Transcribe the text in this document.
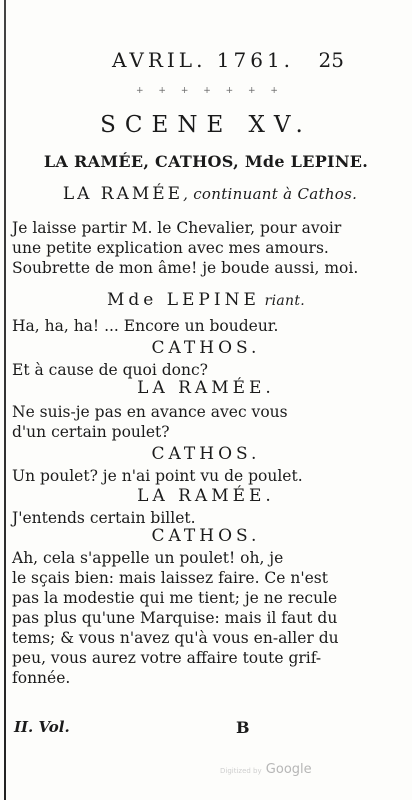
AVRIL. 1761.	25
+ + + + + + +
SCENE XV.
LA RAMÉE, CATHOS, Mde LEPINE.
LA RAMÉE, continuant à Cathos.
Je laisse partir M. le Chevalier, pour avoir
une petite explication avec mes amours.
Soubrette de mon âme! je boude aussi, moi.
Mde LEPINE riant.
Ha, ha, ha! ... Encore un boudeur.
CATHOS.
Et à cause de quoi donc?
LA RAMÉE.
Ne suis-je pas en avance avec vous
d'un certain poulet?
CATHOS.
Un poulet? je n'ai point vu de poulet.
LA RAMÉE.
J'entends certain billet.
CATHOS.
Ah, cela s'appelle un poulet! oh, je
le sçais bien: mais laissez faire. Ce n'est
pas la modestie qui me tient; je ne recule
pas plus qu'une Marquise: mais il faut du
tems; & vous n'avez qu'à vous en-aller du
peu, vous aurez votre affaire toute grif-
fonnée.
II. Vol.	B
Digitized by Google
